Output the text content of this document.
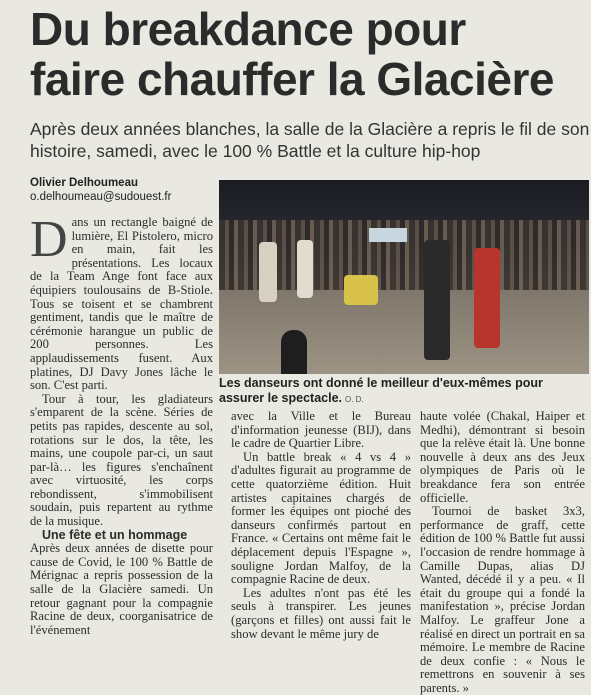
Du breakdance pour
faire chauffer la Glacière
Après deux années blanches, la salle de la Glacière a repris le fil de son histoire, samedi, avec le 100 % Battle et la culture hip-hop
Olivier Delhoumeau
o.delhoumeau@sudouest.fr
Les danseurs ont donné le meilleur d'eux-mêmes pour assurer le spectacle. O. D.

Dans un rectangle baigné de lumière, El Pistolero, micro en main, fait les présentations. Les locaux de la Team Ange font face aux équipiers toulousains de B-Stiole. Tous se toisent et se chambrent gentiment, tandis que le maître de cérémonie harangue un public de 200 personnes. Les applaudissements fusent. Aux platines, DJ Davy Jones lâche le son. C'est parti.

Tour à tour, les gladiateurs s'emparent de la scène. Séries de petits pas rapides, descente au sol, rotations sur le dos, la tête, les mains, une coupole par-ci, un saut par-là… les figures s'enchaînent avec virtuosité, les corps rebondissent, s'immobilisent soudain, puis repartent au rythme de la musique.

Une fête et un hommage

Après deux années de disette pour cause de Covid, le 100 % Battle de Mérignac a repris possession de la salle de la Glacière samedi. Un retour gagnant pour la compagnie Racine de deux, coorganisatrice de l'événement

avec la Ville et le Bureau d'information jeunesse (BIJ), dans le cadre de Quartier Libre.

Un battle break « 4 vs 4 » d'adultes figurait au programme de cette quatorzième édition. Huit artistes capitaines chargés de former les équipes ont pioché des danseurs confirmés partout en France. « Certains ont même fait le déplacement depuis l'Espagne », souligne Jordan Malfoy, de la compagnie Racine de deux.

Les adultes n'ont pas été les seuls à transpirer. Les jeunes (garçons et filles) ont aussi fait le show devant le même jury de

haute volée (Chakal, Haiper et Medhi), démontrant si besoin que la relève était là. Une bonne nouvelle à deux ans des Jeux olympiques de Paris où le breakdance fera son entrée officielle.

Tournoi de basket 3x3, performance de graff, cette édition de 100 % Battle fut aussi l'occasion de rendre hommage à Camille Dupas, alias DJ Wanted, décédé il y a peu. « Il était du groupe qui a fondé la manifestation », précise Jordan Malfoy. Le graffeur Jone a réalisé en direct un portrait en sa mémoire. Le membre de Racine de deux confie : « Nous le remettrons en souvenir à ses parents. »
